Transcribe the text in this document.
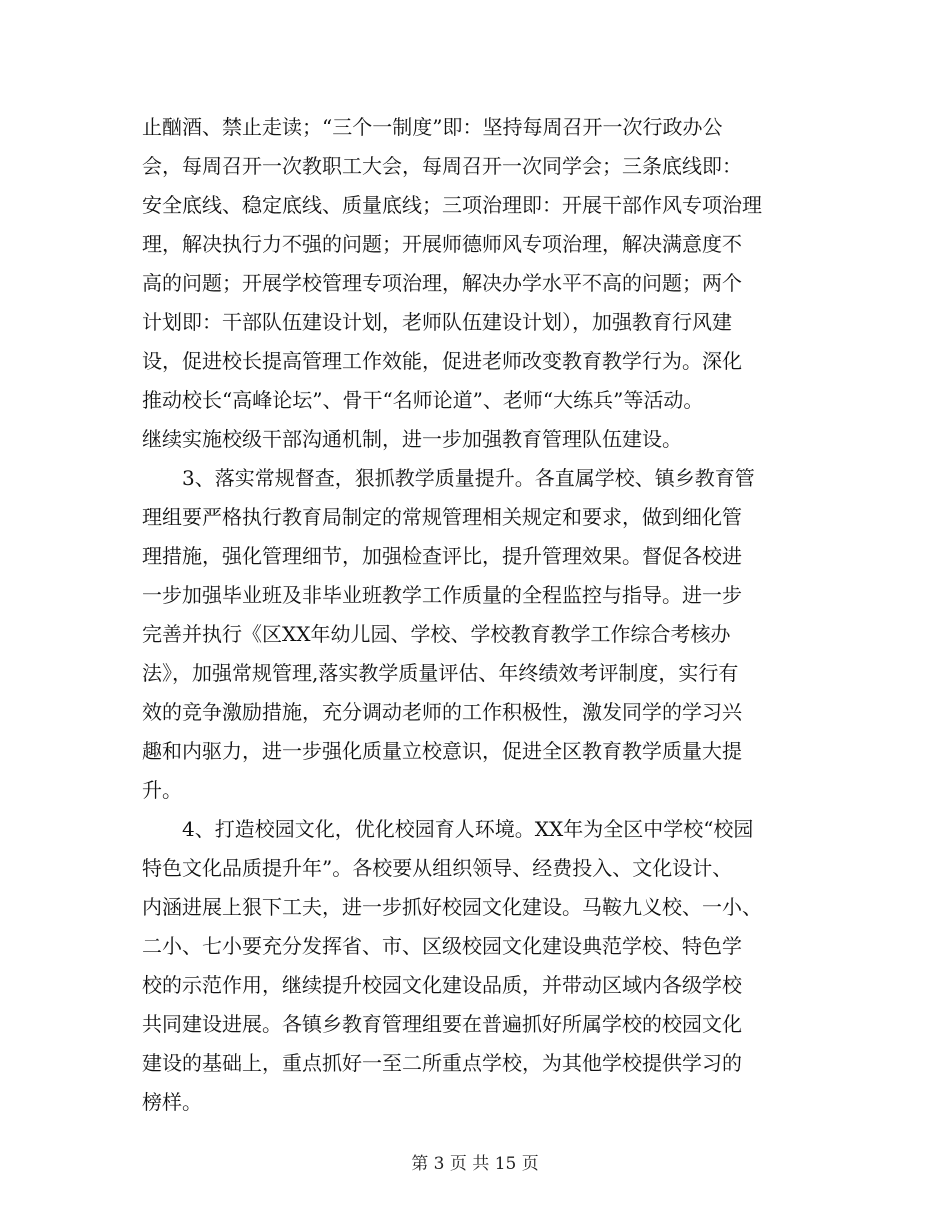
止酗酒、禁止走读；“三个一制度”即：坚持每周召开一次行政办公
会，每周召开一次教职工大会，每周召开一次同学会；三条底线即：
安全底线、稳定底线、质量底线；三项治理即：开展干部作风专项治理
理，解决执行力不强的问题；开展师德师风专项治理，解决满意度不
高的问题；开展学校管理专项治理，解决办学水平不高的问题；两个
计划即：干部队伍建设计划，老师队伍建设计划），加强教育行风建
设，促进校长提高管理工作效能，促进老师改变教育教学行为。深化
推动校长“高峰论坛”、骨干“名师论道”、老师“大练兵”等活动。
继续实施校级干部沟通机制，进一步加强教育管理队伍建设。
　　3、落实常规督查，狠抓教学质量提升。各直属学校、镇乡教育管
理组要严格执行教育局制定的常规管理相关规定和要求，做到细化管
理措施，强化管理细节，加强检查评比，提升管理效果。督促各校进
一步加强毕业班及非毕业班教学工作质量的全程监控与指导。进一步
完善并执行《区XX年幼儿园、学校、学校教育教学工作综合考核办
法》，加强常规管理,落实教学质量评估、年终绩效考评制度，实行有
效的竞争激励措施，充分调动老师的工作积极性，激发同学的学习兴
趣和内驱力，进一步强化质量立校意识，促进全区教育教学质量大提
升。
　　4、打造校园文化，优化校园育人环境。XX年为全区中学校“校园
特色文化品质提升年”。各校要从组织领导、经费投入、文化设计、
内涵进展上狠下工夫，进一步抓好校园文化建设。马鞍九义校、一小、
二小、七小要充分发挥省、市、区级校园文化建设典范学校、特色学
校的示范作用，继续提升校园文化建设品质，并带动区域内各级学校
共同建设进展。各镇乡教育管理组要在普遍抓好所属学校的校园文化
建设的基础上，重点抓好一至二所重点学校，为其他学校提供学习的
榜样。
第 3 页 共 15 页
